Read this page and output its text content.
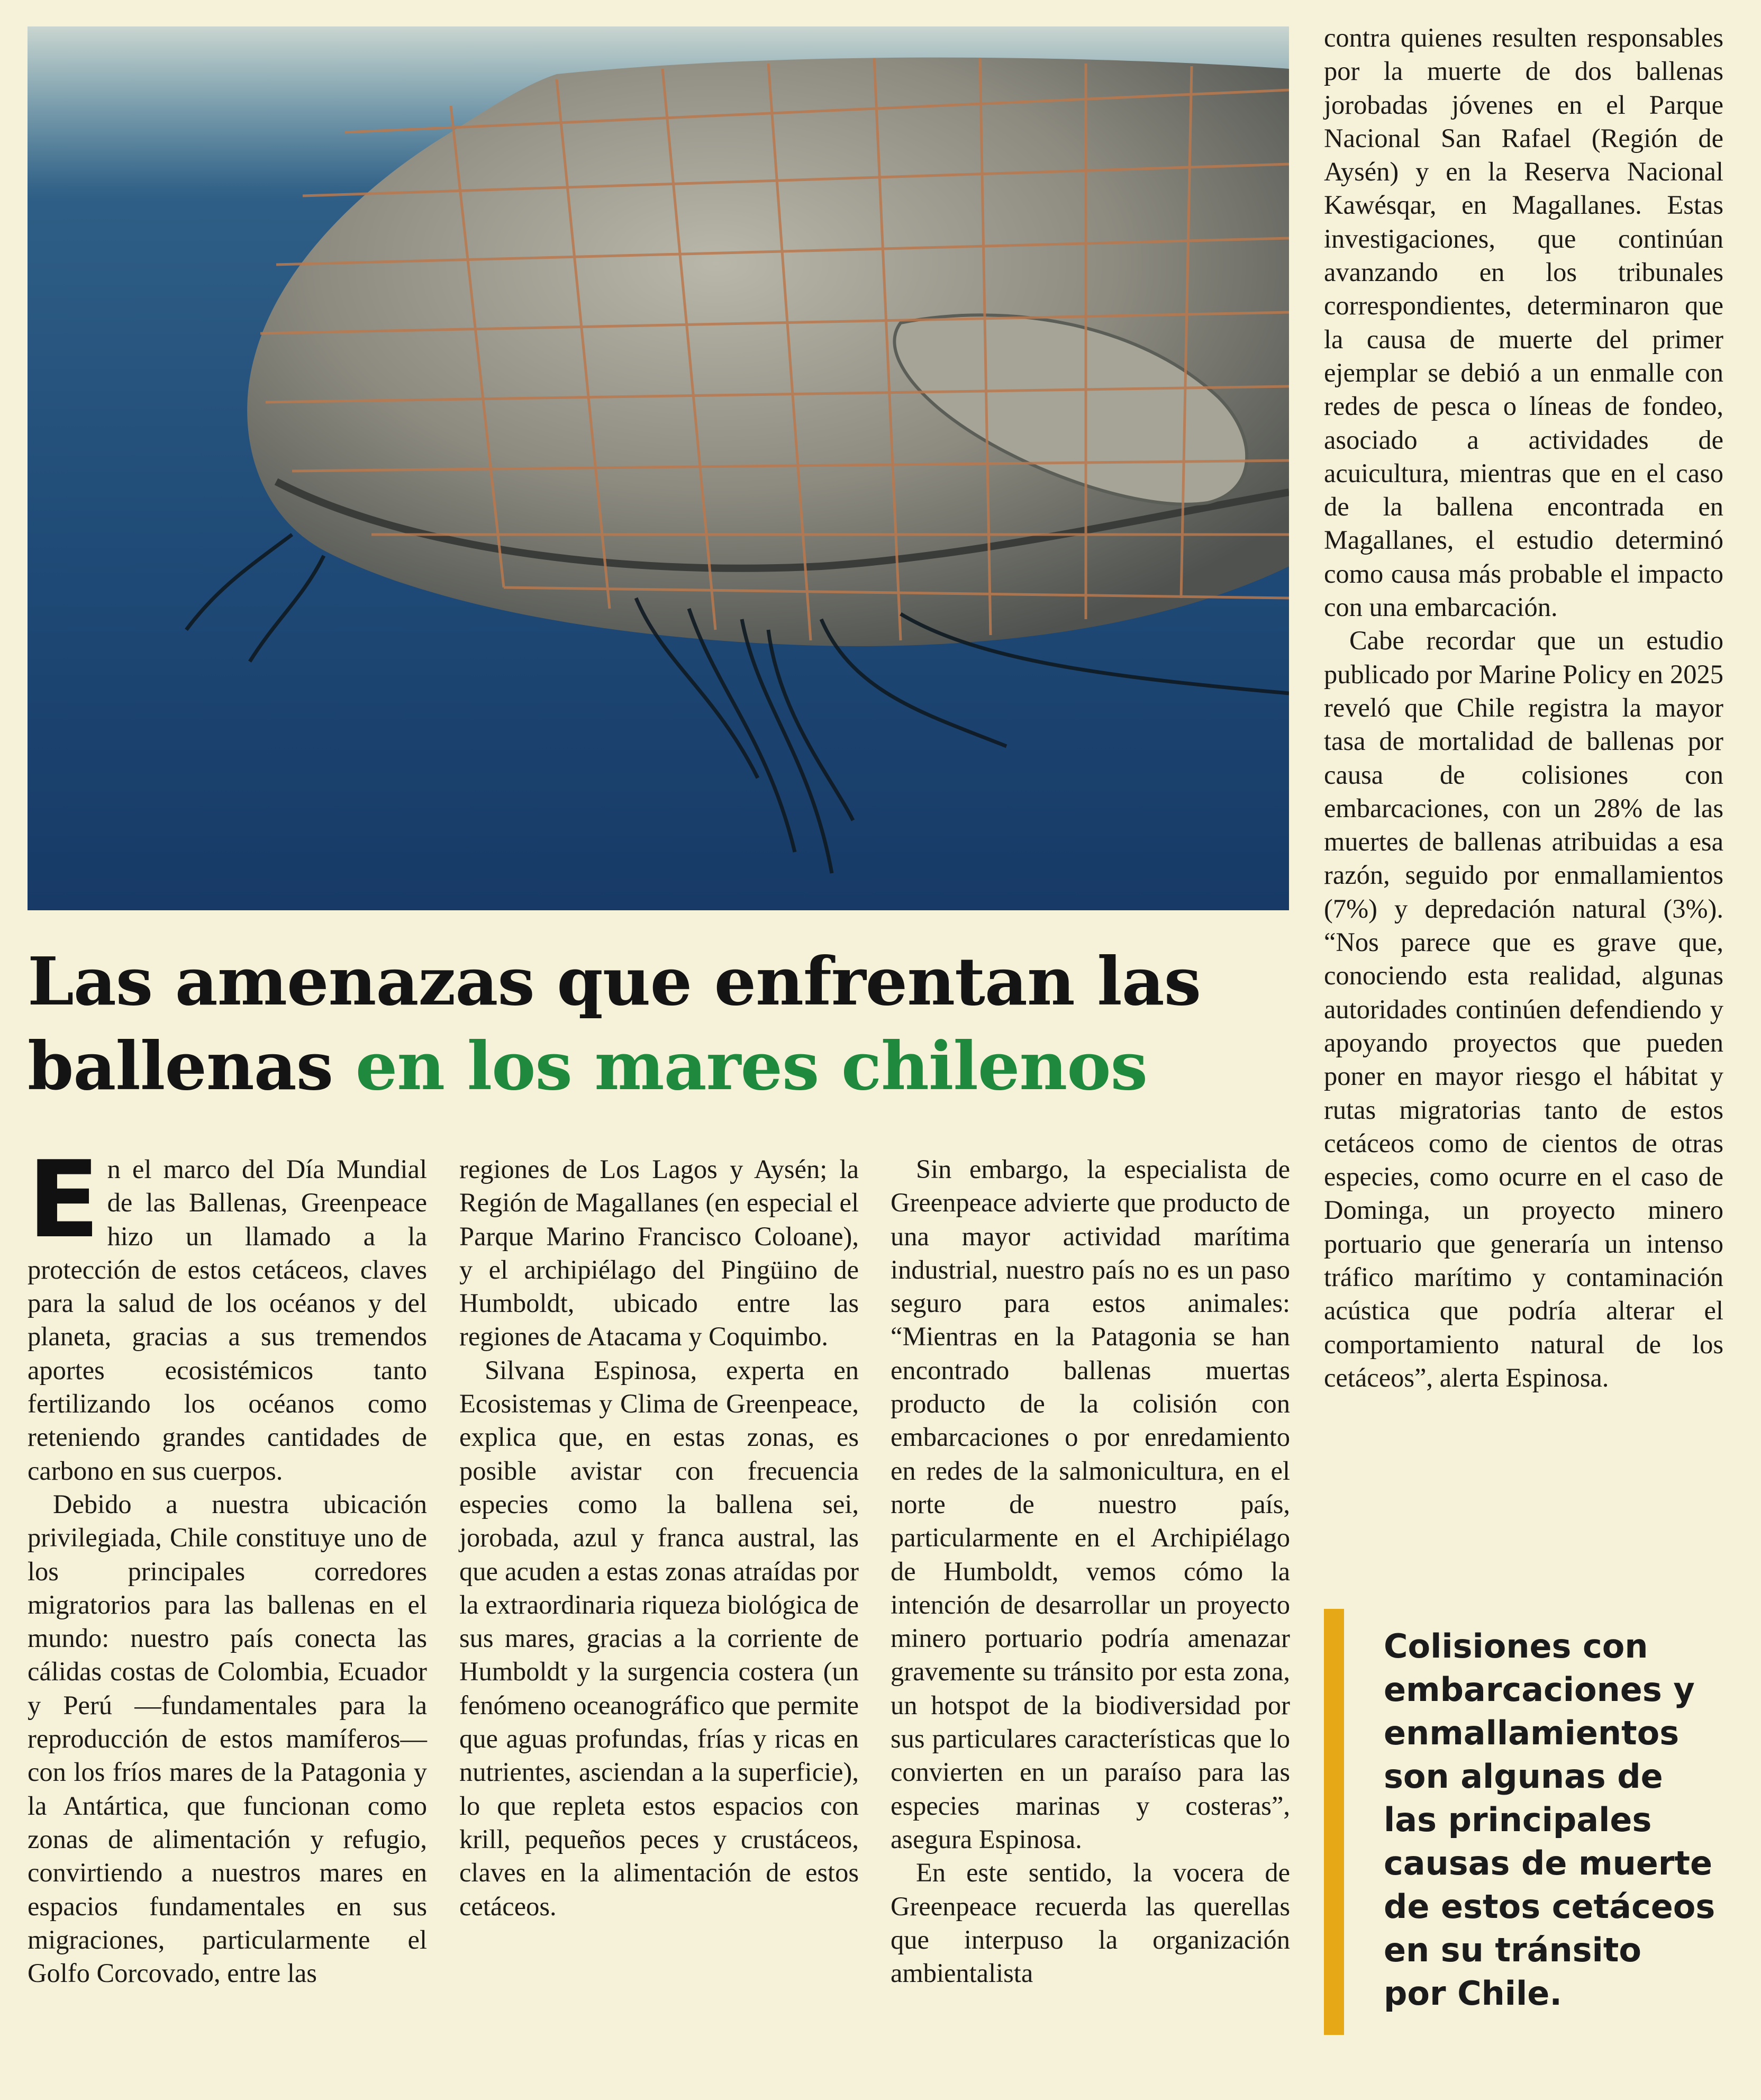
Las amenazas que enfrentan las
ballenas en los mares chilenos

En el marco del Día Mundial de las Ballenas, Greenpeace hizo un llamado a la protección de estos cetáceos, claves para la salud de los océanos y del planeta, gracias a sus tremendos aportes ecosistémicos tanto fertilizando los océanos como reteniendo grandes cantidades de carbono en sus cuerpos.

Debido a nuestra ubicación privilegiada, Chile constituye uno de los principales corredores migratorios para las ballenas en el mundo: nuestro país conecta las cálidas costas de Colombia, Ecuador y Perú —fundamentales para la reproducción de estos mamíferos— con los fríos mares de la Patagonia y la Antártica, que funcionan como zonas de alimentación y refugio, convirtiendo a nuestros mares en espacios fundamentales en sus migraciones, particularmente el Golfo Corcovado, entre las

regiones de Los Lagos y Aysén; la Región de Magallanes (en especial el Parque Marino Francisco Coloane), y el archipiélago del Pingüino de Humboldt, ubicado entre las regiones de Atacama y Coquimbo.

Silvana Espinosa, experta en Ecosistemas y Clima de Greenpeace, explica que, en estas zonas, es posible avistar con frecuencia especies como la ballena sei, jorobada, azul y franca austral, las que acuden a estas zonas atraídas por la extraordinaria riqueza biológica de sus mares, gracias a la corriente de Humboldt y la surgencia costera (un fenómeno oceanográfico que permite que aguas profundas, frías y ricas en nutrientes, asciendan a la superficie), lo que repleta estos espacios con krill, pequeños peces y crustáceos, claves en la alimentación de estos cetáceos.

Sin embargo, la especialista de Greenpeace advierte que producto de una mayor actividad marítima industrial, nuestro país no es un paso seguro para estos animales: “Mientras en la Patagonia se han encontrado ballenas muertas producto de la colisión con embarcaciones o por enredamiento en redes de la salmonicultura, en el norte de nuestro país, particularmente en el Archipiélago de Humboldt, vemos cómo la intención de desarrollar un proyecto minero portuario podría amenazar gravemente su tránsito por esta zona, un hotspot de la biodiversidad por sus particulares características que lo convierten en un paraíso para las especies marinas y costeras”, asegura Espinosa.

En este sentido, la vocera de Greenpeace recuerda las querellas que interpuso la organización ambientalista

contra quienes resulten responsables por la muerte de dos ballenas jorobadas jóvenes en el Parque Nacional San Rafael (Región de Aysén) y en la Reserva Nacional Kawésqar, en Magallanes. Estas investigaciones, que continúan avanzando en los tribunales correspondientes, determinaron que la causa de muerte del primer ejemplar se debió a un enmalle con redes de pesca o líneas de fondeo, asociado a actividades de acuicultura, mientras que en el caso de la ballena encontrada en Magallanes, el estudio determinó como causa más probable el impacto con una embarcación.

Cabe recordar que un estudio publicado por Marine Policy en 2025 reveló que Chile registra la mayor tasa de mortalidad de ballenas por causa de colisiones con embarcaciones, con un 28% de las muertes de ballenas atribuidas a esa razón, seguido por enmallamientos (7%) y depredación natural (3%). “Nos parece que es grave que, conociendo esta realidad, algunas autoridades continúen defendiendo y apoyando proyectos que pueden poner en mayor riesgo el hábitat y rutas migratorias tanto de estos cetáceos como de cientos de otras especies, como ocurre en el caso de Dominga, un proyecto minero portuario que generaría un intenso tráfico marítimo y contaminación acústica que podría alterar el comportamiento natural de los cetáceos”, alerta Espinosa.

Colisiones con
embarcaciones y
enmallamientos
son algunas de
las principales
causas de muerte
de estos cetáceos
en su tránsito
por Chile.
